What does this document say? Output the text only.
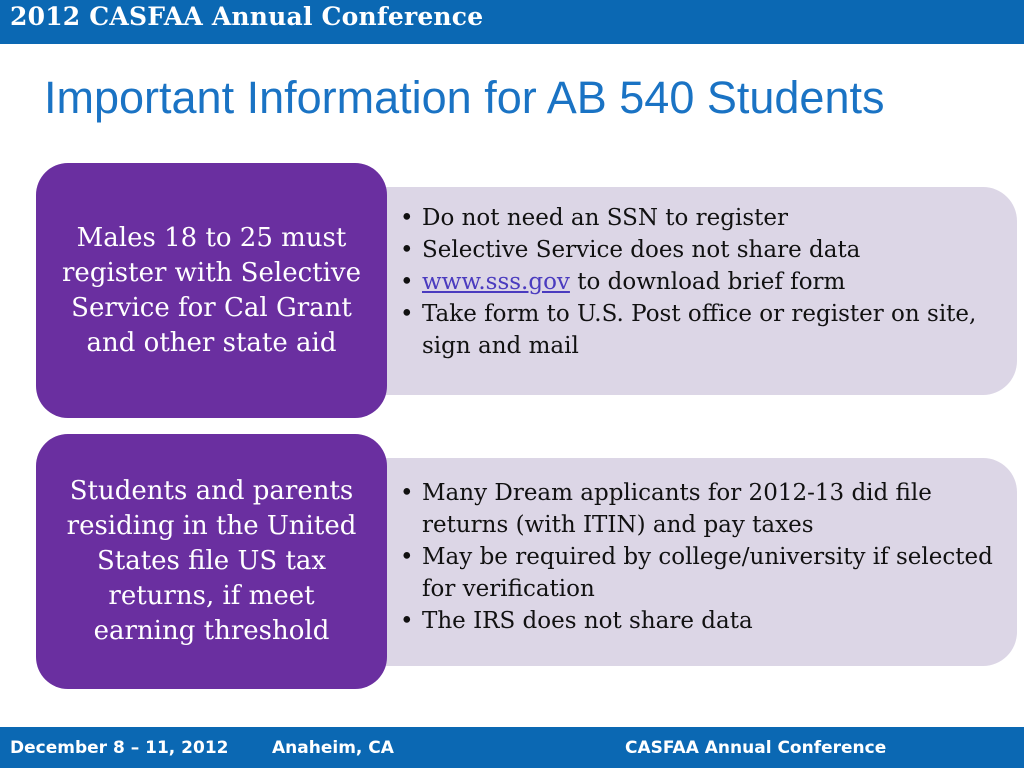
2012 CASFAA Annual Conference
Important Information for AB 540 Students
Males 18 to 25 must register with Selective Service for Cal Grant and other state aid
• Do not need an SSN to register
• Selective Service does not share data
• www.sss.gov to download brief form
• Take form to U.S. Post office or register on site, sign and mail
Students and parents residing in the United States file US tax returns, if meet earning threshold
• Many Dream applicants for 2012-13 did file returns (with ITIN) and pay taxes
• May be required by college/university if selected for verification
• The IRS does not share data
December 8 – 11, 2012	Anaheim, CA	CASFAA Annual Conference
